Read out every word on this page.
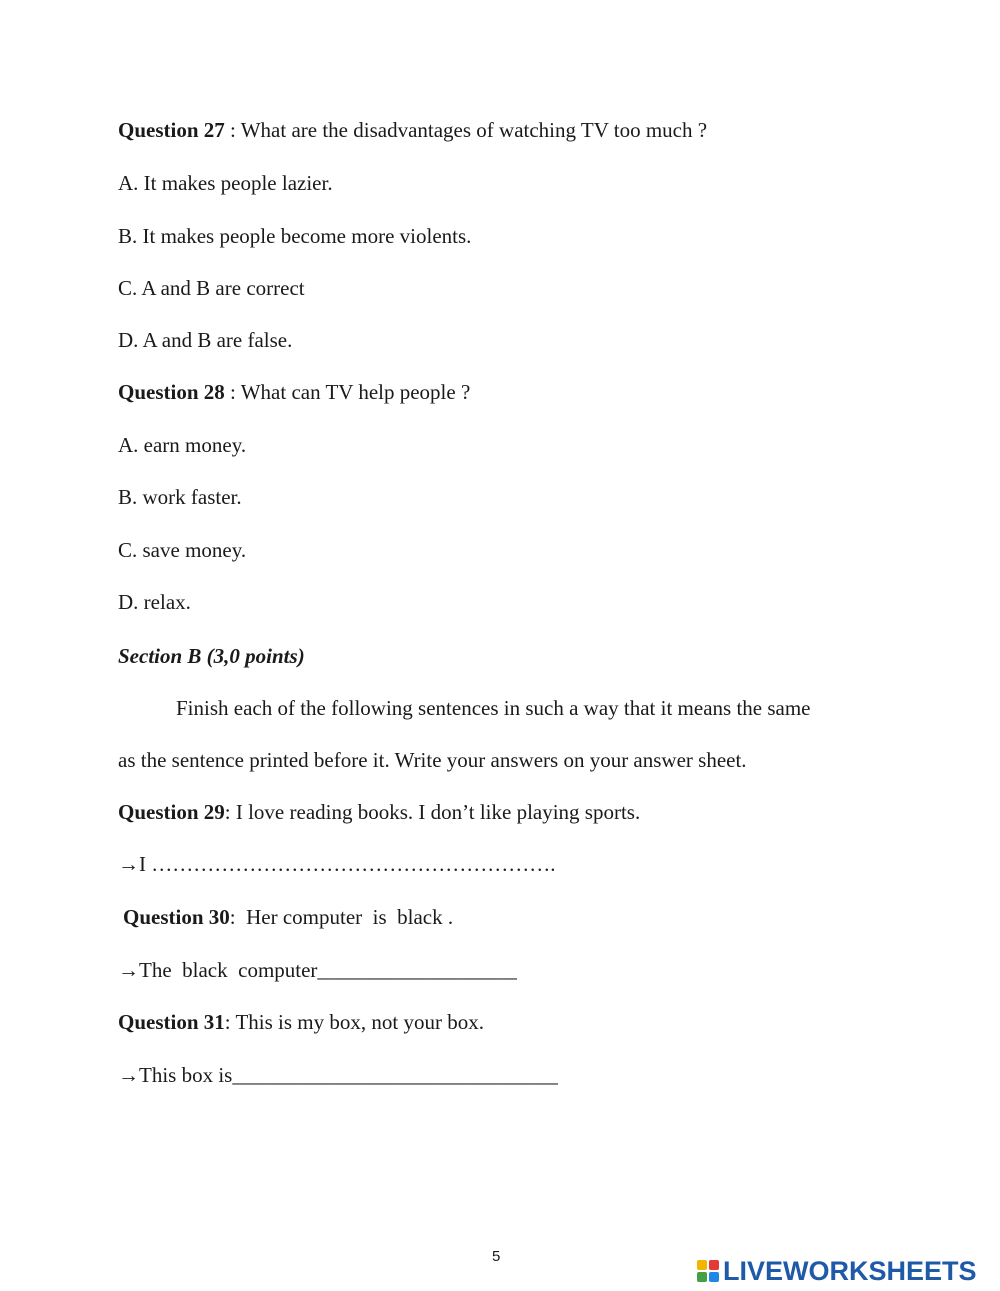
Question 27 : What are the disadvantages of watching TV too much ?
A. It makes people lazier.
B. It makes people become more violents.
C. A and B are correct
D. A and B are false.
Question 28 : What can TV help people ?
A. earn money.
B. work faster.
C. save money.
D. relax.
Section B (3,0 points)
Finish each of the following sentences in such a way that it means the same
as the sentence printed before it. Write your answers on your answer sheet.
Question 29: I love reading books. I don’t like playing sports.
→I ………………………………………………….
Question 30:  Her computer  is  black .
→The  black  computer___________________
Question 31: This is my box, not your box.
→This box is_______________________________
5	LIVEWORKSHEETS
